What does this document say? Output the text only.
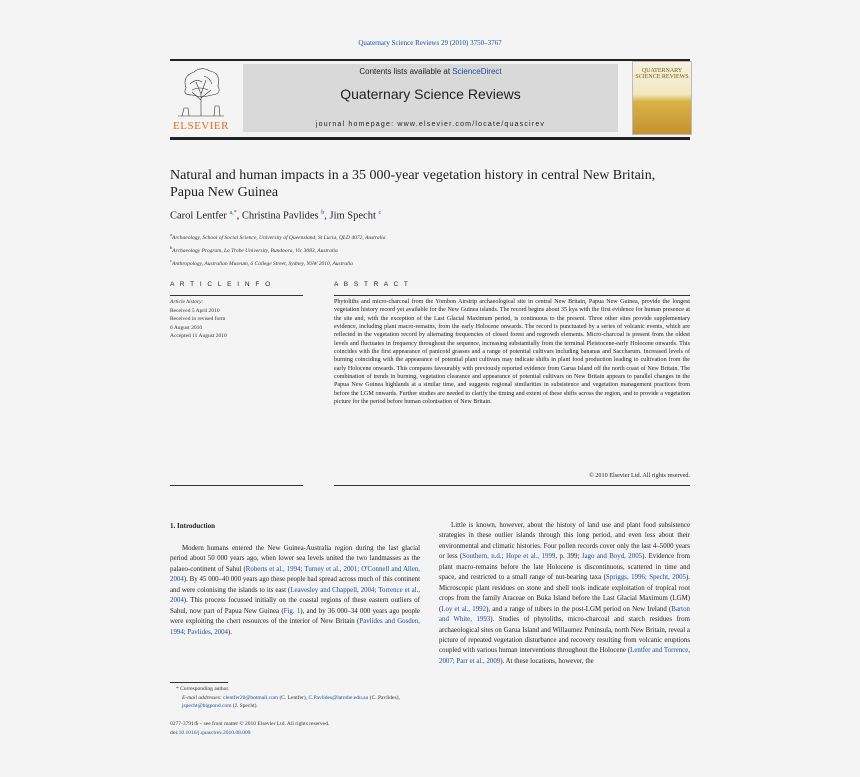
Quaternary Science Reviews 29 (2010) 3750–3767
ELSEVIER
Contents lists available at ScienceDirect
Quaternary Science Reviews
journal homepage: www.elsevier.com/locate/quascirev
QUATERNARY SCIENCE REVIEWS
Natural and human impacts in a 35 000-year vegetation history in central New Britain, Papua New Guinea
Carol Lentfer $^{a,*}$, Christina Pavlides $^b$, Jim Specht $^c$
$^a$Archaeology, School of Social Science, University of Queensland, St Lucia, QLD 4072, Australia
$^b$Archaeology Program, La Trobe University, Bundoora, Vic 3083, Australia
$^c$Anthropology, Australian Museum, 6 College Street, Sydney, NSW 2010, Australia
A R T I C L E I N F O	A B S T R A C T
Article history:
Received 5 April 2010
Received in revised form
6 August 2010
Accepted 11 August 2010
Phytoliths and micro-charcoal from the Yombon Airstrip archaeological site in central New Britain, Papua New Guinea, provide the longest vegetation history record yet available for the New Guinea islands. The record begins about 35 kya with the first evidence for human presence at the site and, with the exception of the Last Glacial Maximum period, is continuous to the present. Three other sites provide supplementary evidence, including plant macro-remains, from the early Holocene onwards. The record is punctuated by a series of volcanic events, which are reflected in the vegetation record by alternating frequencies of closed forest and regrowth elements. Micro-charcoal is present from the oldest levels and fluctuates in frequency throughout the sequence, increasing substantially from the terminal Pleistocene-early Holocene onwards. This coincides with the first appearance of panicoid grasses and a range of potential cultivars including bananas and Saccharum. Increased levels of burning coinciding with the appearance of potential plant cultivars may indicate shifts in plant food production leading to cultivation from the early Holocene onwards. This compares favourably with previously reported evidence from Garua Island off the north coast of New Britain. The combination of trends in burning, vegetation clearance and appearance of potential cultivars on New Britain appears to parallel changes in the Papua New Guinea highlands at a similar time, and suggests regional similarities in subsistence and vegetation management practices from before the LGM onwards. Further studies are needed to clarify the timing and extent of these shifts across the region, and to provide a vegetation picture for the period before human colonisation of New Britain.
© 2010 Elsevier Ltd. All rights reserved.
1. Introduction
Modern humans entered the New Guinea-Australia region during the last glacial period about 50 000 years ago, when lower sea levels united the two landmasses as the palaeo-continent of Sahul (Roberts et al., 1994; Turney et al., 2001; O'Connell and Allen, 2004). By 45 000–40 000 years ago these people had spread across much of this continent and were colonising the islands to its east (Leavesley and Chappell, 2004; Torrence et al., 2004). This process focussed initially on the coastal regions of these eastern outliers of Sahul, now part of Papua New Guinea (Fig. 1), and by 36 000–34 000 years ago people were exploiting the chert resources of the interior of New Britain (Pavlides and Gosden, 1994; Pavlides, 2004).
Little is known, however, about the history of land use and plant food subsistence strategies in these outlier islands through this long period, and even less about their environmental and climatic histories. Four pollen records cover only the last 4–5000 years or less (Southern, n.d.; Hope et al., 1999, p. 399; Jago and Boyd, 2005). Evidence from plant macro-remains before the late Holocene is discontinuous, scattered in time and space, and restricted to a small range of nut-bearing taxa (Spriggs, 1996; Specht, 2005). Microscopic plant residues on stone and shell tools indicate exploitation of tropical root crops from the family Araceae on Buka Island before the Last Glacial Maximum (LGM) (Loy et al., 1992), and a range of tubers in the post-LGM period on New Ireland (Barton and White, 1993). Studies of phytoliths, micro-charcoal and starch residues from archaeological sites on Garua Island and Willaumez Peninsula, north New Britain, reveal a picture of repeated vegetation disturbance and recovery resulting from volcanic eruptions coupled with various human interventions throughout the Holocene (Lentfer and Torrence, 2007; Parr et al., 2009). At these locations, however, the
* Corresponding author.
E-mail addresses: clentfer20@hotmail.com (C. Lentfer), C.Pavlides@latrobe.edu.au (C. Pavlides), jspecht@bigpond.com (J. Specht).
0277-3791/$ – see front matter © 2010 Elsevier Ltd. All rights reserved.
doi:10.1016/j.quascirev.2010.08.009
